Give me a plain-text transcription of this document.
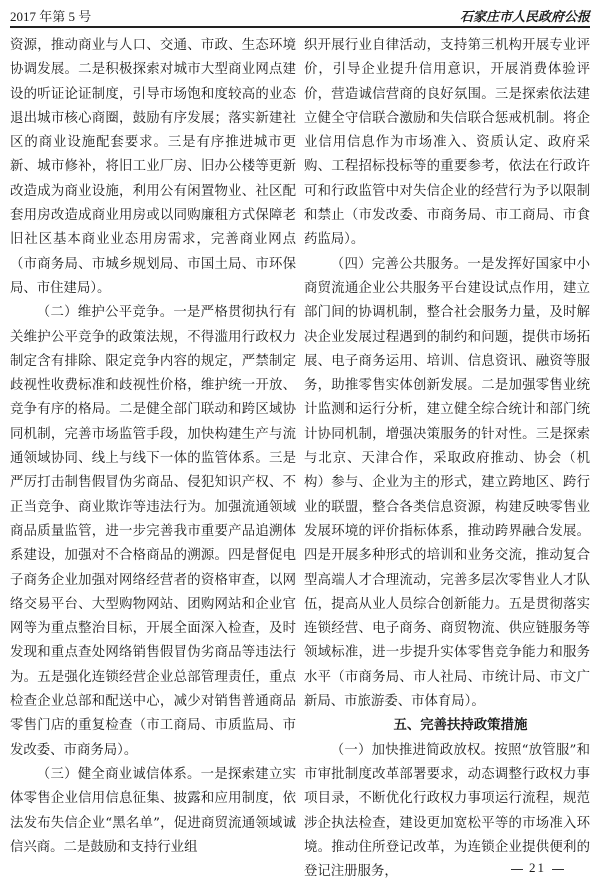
2017 年第 5 号	石家庄市人民政府公报

资源，推动商业与人口、交通、市政、生态环境协调发展。二是积极探索对城市大型商业网点建设的听证论证制度，引导市场饱和度较高的业态退出城市核心商圈，鼓励有序发展；落实新建社区的商业设施配套要求。三是有序推进城市更新、城市修补，将旧工业厂房、旧办公楼等更新改造成为商业设施，利用公有闲置物业、社区配套用房改造成商业用房或以同购廉租方式保障老旧社区基本商业业态用房需求，完善商业网点（市商务局、市城乡规划局、市国土局、市环保局、市住建局）。

（二）维护公平竞争。一是严格贯彻执行有关维护公平竞争的政策法规，不得滥用行政权力制定含有排除、限定竞争内容的规定，严禁制定歧视性收费标准和歧视性价格，维护统一开放、竞争有序的格局。二是健全部门联动和跨区域协同机制，完善市场监管手段，加快构建生产与流通领域协同、线上与线下一体的监管体系。三是严厉打击制售假冒伪劣商品、侵犯知识产权、不正当竞争、商业欺诈等违法行为。加强流通领域商品质量监管，进一步完善我市重要产品追溯体系建设，加强对不合格商品的溯源。四是督促电子商务企业加强对网络经营者的资格审查，以网络交易平台、大型购物网站、团购网站和企业官网等为重点整治目标，开展全面深入检查，及时发现和重点查处网络销售假冒伪劣商品等违法行为。五是强化连锁经营企业总部管理责任，重点检查企业总部和配送中心，减少对销售普通商品零售门店的重复检查（市工商局、市质监局、市发改委、市商务局）。

（三）健全商业诚信体系。一是探索建立实体零售企业信用信息征集、披露和应用制度，依法发布失信企业“黑名单”，促进商贸流通领域诚信兴商。二是鼓励和支持行业组

织开展行业自律活动，支持第三机构开展专业评价，引导企业提升信用意识，开展消费体验评价，营造诚信营商的良好氛围。三是探索依法建立健全守信联合激励和失信联合惩戒机制。将企业信用信息作为市场准入、资质认定、政府采购、工程招标投标等的重要参考，依法在行政许可和行政监管中对失信企业的经营行为予以限制和禁止（市发改委、市商务局、市工商局、市食药监局）。

（四）完善公共服务。一是发挥好国家中小商贸流通企业公共服务平台建设试点作用，建立部门间的协调机制，整合社会服务力量，及时解决企业发展过程遇到的制约和问题，提供市场拓展、电子商务运用、培训、信息资讯、融资等服务，助推零售实体创新发展。二是加强零售业统计监测和运行分析，建立健全综合统计和部门统计协同机制，增强决策服务的针对性。三是探索与北京、天津合作，采取政府推动、协会（机构）参与、企业为主的形式，建立跨地区、跨行业的联盟，整合各类信息资源，构建反映零售业发展环境的评价指标体系，推动跨界融合发展。四是开展多种形式的培训和业务交流，推动复合型高端人才合理流动，完善多层次零售业人才队伍，提高从业人员综合创新能力。五是贯彻落实连锁经营、电子商务、商贸物流、供应链服务等领域标准，进一步提升实体零售竞争能力和服务水平（市商务局、市人社局、市统计局、市文广新局、市旅游委、市体育局）。

五、完善扶持政策措施

（一）加快推进简政放权。按照“放管服”和市审批制度改革部署要求，动态调整行政权力事项目录，不断优化行政权力事项运行流程，规范涉企执法检查，建设更加宽松平等的市场准入环境。推动住所登记改革，为连锁企业提供便利的登记注册服务，	21
